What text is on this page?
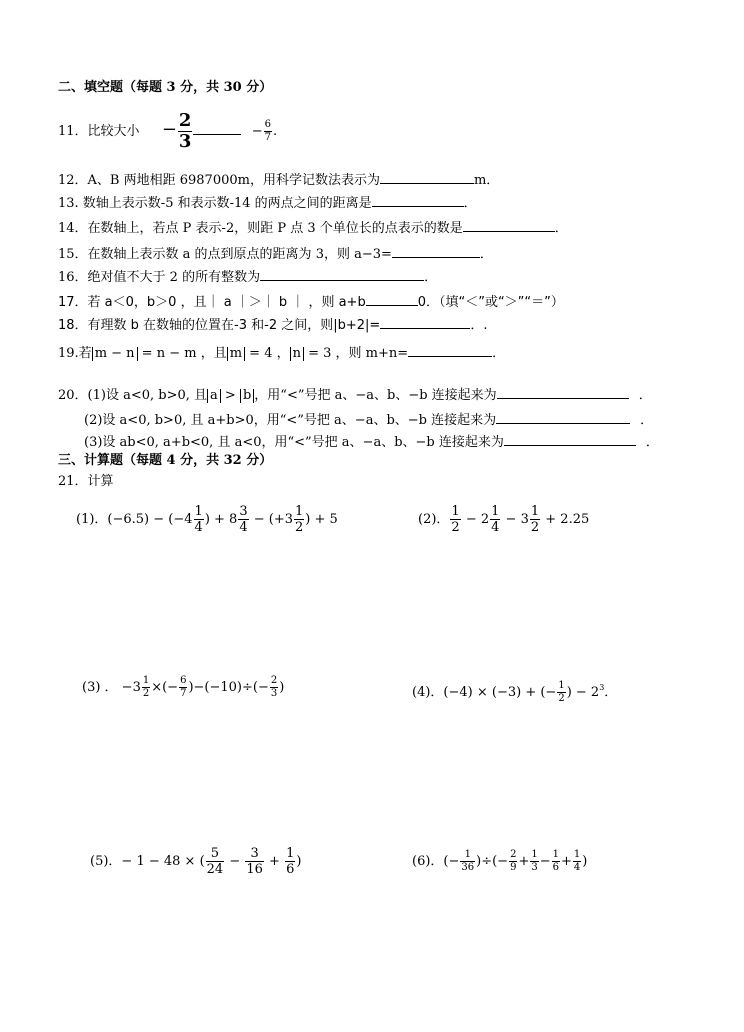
二、填空题（每题 3 分，共 30 分）
11．比较大小 − $\frac{2}{3}$	− $\frac{6}{7}$ .
12．A、B 两地相距 6987000m，用科学记数法表示为	m．
13. 数轴上表示数-5 和表示数-14 的两点之间的距离是	．
14．在数轴上，若点 P 表示-2，则距 P 点 3 个单位长的点表示的数是	．
15．在数轴上表示数 a 的点到原点的距离为 3，则 a−3=	．
16．绝对值不大于 2 的所有整数为	．
17．若 a＜0，b＞0 ，且｜ a ｜＞｜ b ｜ ，则 a+b	0．（填“＜”或“＞”“＝”）
18．有理数 b 在数轴的位置在-3 和-2 之间，则|b+2|=	．.
19.若 m − n = n − m ，且 m = 4 ， n = 3 ，则 m+n=	．
20．(1)设 a<0, b>0, 且 a > b ，用“<”号把 a、−a、b、−b 连接起来为	．
(2)设 a<0, b>0, 且 a+b>0，用“<”号把 a、−a、b、−b 连接起来为	．
(3)设 ab<0, a+b<0, 且 a<0，用“<”号把 a、−a、b、−b 连接起来为	．
三、计算题（每题 4 分，共 32 分）
21．计算
(1)．$(-6.5) - (-4 \frac{1}{4}$ ) + $8 \frac{3}{4} - (+3 \frac{1}{2}$ ) + 5	(2)． $\frac{1}{2} - 2 \frac{1}{4} - 3 \frac{1}{2} + 2.25$
(3) ． $-3 \frac{1}{2}$ ×(− $\frac{6}{7} )-(-10)\div(- \frac{2}{3}$ )	(4)．(−4) × (−3) + (− $\frac{1}{2}$ ) − $2^3$．
(5)．− 1 − 48 × ( $\frac{5}{24} - \frac{3}{16} + \frac{1}{6}$ )	(6)．(− $\frac{1}{36}$ )÷(− $\frac{2}{9} + \frac{1}{3} - \frac{1}{6} + \frac{1}{4}$ )
